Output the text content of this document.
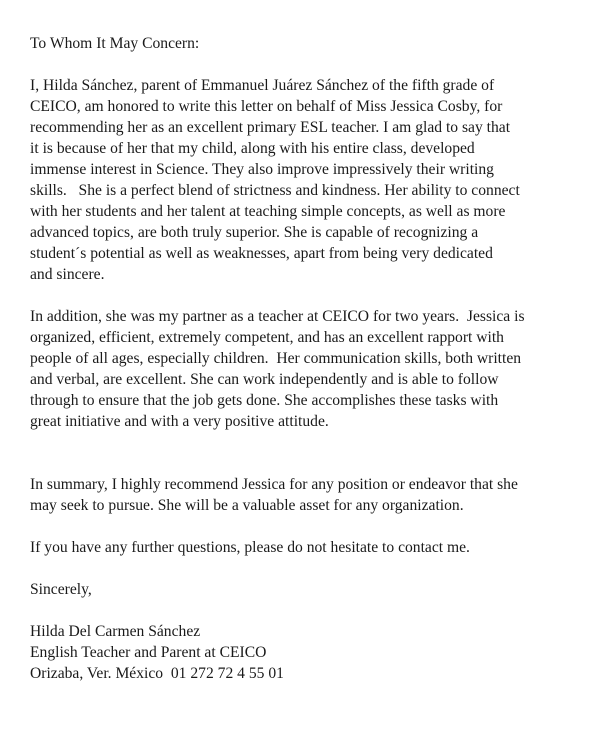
To Whom It May Concern:

I, Hilda Sánchez, parent of Emmanuel Juárez Sánchez of the fifth grade of
CEICO, am honored to write this letter on behalf of Miss Jessica Cosby, for
recommending her as an excellent primary ESL teacher. I am glad to say that
it is because of her that my child, along with his entire class, developed
immense interest in Science. They also improve impressively their writing
skills.   She is a perfect blend of strictness and kindness. Her ability to connect
with her students and her talent at teaching simple concepts, as well as more
advanced topics, are both truly superior. She is capable of recognizing a
student´s potential as well as weaknesses, apart from being very dedicated
and sincere.

In addition, she was my partner as a teacher at CEICO for two years.  Jessica is
organized, efficient, extremely competent, and has an excellent rapport with
people of all ages, especially children.  Her communication skills, both written
and verbal, are excellent. She can work independently and is able to follow
through to ensure that the job gets done. She accomplishes these tasks with
great initiative and with a very positive attitude.

In summary, I highly recommend Jessica for any position or endeavor that she
may seek to pursue. She will be a valuable asset for any organization.

If you have any further questions, please do not hesitate to contact me.

Sincerely,

Hilda Del Carmen Sánchez
English Teacher and Parent at CEICO
Orizaba, Ver. México  01 272 72 4 55 01
